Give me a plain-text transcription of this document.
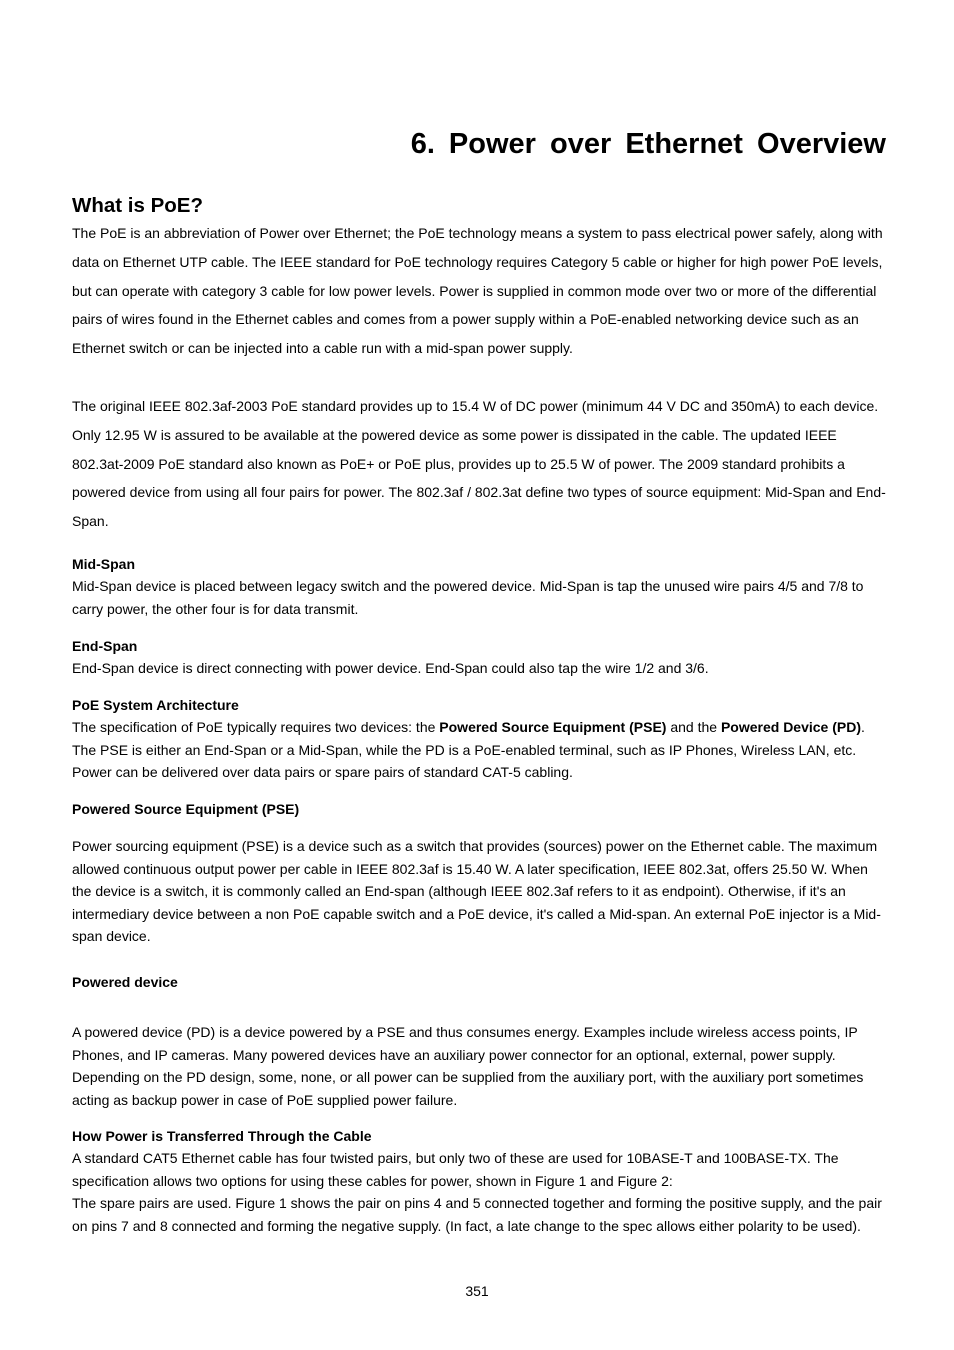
6. Power over Ethernet Overview
What is PoE?

The PoE is an abbreviation of Power over Ethernet; the PoE technology means a system to pass electrical power safely, along with data on Ethernet UTP cable. The IEEE standard for PoE technology requires Category 5 cable or higher for high power PoE levels, but can operate with category 3 cable for low power levels. Power is supplied in common mode over two or more of the differential pairs of wires found in the Ethernet cables and comes from a power supply within a PoE-enabled networking device such as an Ethernet switch or can be injected into a cable run with a mid-span power supply.

The original IEEE 802.3af-2003 PoE standard provides up to 15.4 W of DC power (minimum 44 V DC and 350mA) to each device. Only 12.95 W is assured to be available at the powered device as some power is dissipated in the cable. The updated IEEE 802.3at-2009 PoE standard also known as PoE+ or PoE plus, provides up to 25.5 W of power. The 2009 standard prohibits a powered device from using all four pairs for power. The 802.3af / 802.3at define two types of source equipment: Mid-Span and End-Span.

Mid-Span

Mid-Span device is placed between legacy switch and the powered device. Mid-Span is tap the unused wire pairs 4/5 and 7/8 to carry power, the other four is for data transmit.

End-Span

End-Span device is direct connecting with power device. End-Span could also tap the wire 1/2 and 3/6.

PoE System Architecture

The specification of PoE typically requires two devices: the Powered Source Equipment (PSE) and the Powered Device (PD). The PSE is either an End-Span or a Mid-Span, while the PD is a PoE-enabled terminal, such as IP Phones, Wireless LAN, etc. Power can be delivered over data pairs or spare pairs of standard CAT-5 cabling.

Powered Source Equipment (PSE)

Power sourcing equipment (PSE) is a device such as a switch that provides (sources) power on the Ethernet cable. The maximum allowed continuous output power per cable in IEEE 802.3af is 15.40 W. A later specification, IEEE 802.3at, offers 25.50 W. When the device is a switch, it is commonly called an End-span (although IEEE 802.3af refers to it as endpoint). Otherwise, if it's an intermediary device between a non PoE capable switch and a PoE device, it's called a Mid-span. An external PoE injector is a Mid-span device.

Powered device

A powered device (PD) is a device powered by a PSE and thus consumes energy. Examples include wireless access points, IP Phones, and IP cameras. Many powered devices have an auxiliary power connector for an optional, external, power supply. Depending on the PD design, some, none, or all power can be supplied from the auxiliary port, with the auxiliary port sometimes acting as backup power in case of PoE supplied power failure.

How Power is Transferred Through the Cable

A standard CAT5 Ethernet cable has four twisted pairs, but only two of these are used for 10BASE-T and 100BASE-TX. The specification allows two options for using these cables for power, shown in Figure 1 and Figure 2:

The spare pairs are used. Figure 1 shows the pair on pins 4 and 5 connected together and forming the positive supply, and the pair on pins 7 and 8 connected and forming the negative supply. (In fact, a late change to the spec allows either polarity to be used).

351
